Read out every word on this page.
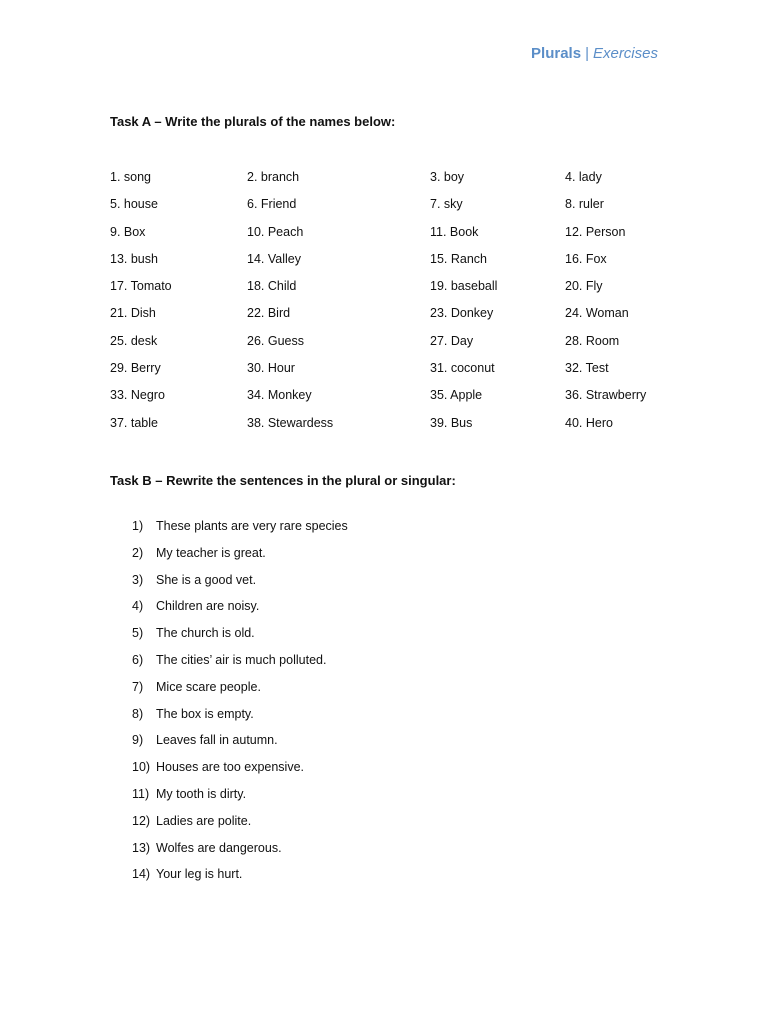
Plurals | Exercises
Task A – Write the plurals of the names below:
1. song	2. branch	3. boy	4. lady
5. house	6. Friend	7. sky	8. ruler
9. Box	10. Peach	11. Book	12. Person
13. bush	14. Valley	15. Ranch	16. Fox
17. Tomato	18. Child	19. baseball	20. Fly
21. Dish	22. Bird	23. Donkey	24. Woman
25. desk	26. Guess	27. Day	28. Room
29. Berry	30. Hour	31. coconut	32. Test
33. Negro	34. Monkey	35. Apple	36. Strawberry
37. table	38. Stewardess	39. Bus	40. Hero
Task B – Rewrite the sentences in the plural or singular:
1) These plants are very rare species
2) My teacher is great.
3) She is a good vet.
4) Children are noisy.
5) The church is old.
6) The cities’ air is much polluted.
7) Mice scare people.
8) The box is empty.
9) Leaves fall in autumn.
10) Houses are too expensive.
11) My tooth is dirty.
12) Ladies are polite.
13) Wolfes are dangerous.
14) Your leg is hurt.
